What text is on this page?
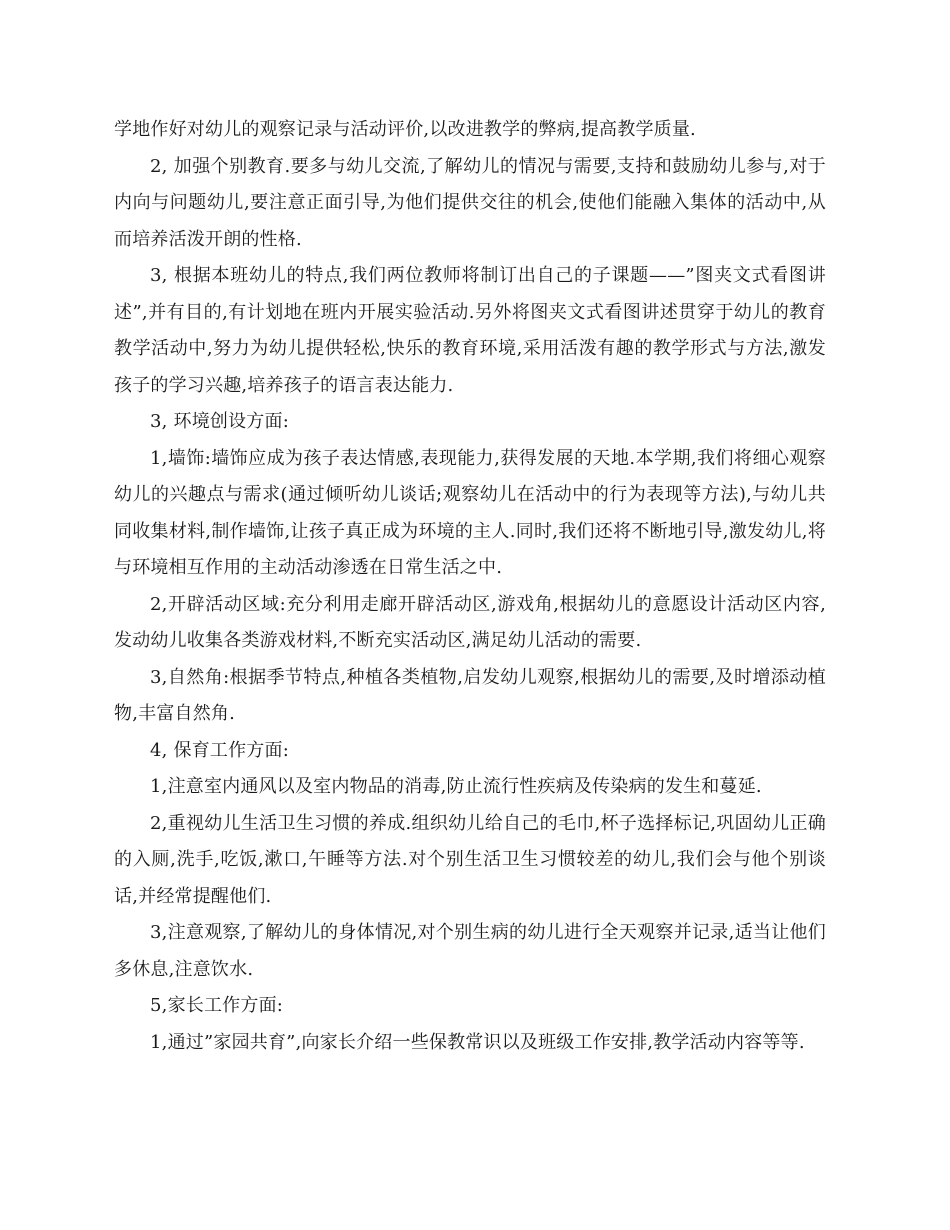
学地作好对幼儿的观察记录与活动评价,以改进教学的弊病,提高教学质量.

2, 加强个别教育.要多与幼儿交流,了解幼儿的情况与需要,支持和鼓励幼儿参与,对于内向与问题幼儿,要注意正面引导,为他们提供交往的机会,使他们能融入集体的活动中,从而培养活泼开朗的性格.

3, 根据本班幼儿的特点,我们两位教师将制订出自己的子课题——”图夹文式看图讲述”,并有目的,有计划地在班内开展实验活动.另外将图夹文式看图讲述贯穿于幼儿的教育教学活动中,努力为幼儿提供轻松,快乐的教育环境,采用活泼有趣的教学形式与方法,激发孩子的学习兴趣,培养孩子的语言表达能力.

3, 环境创设方面:

1,墙饰:墙饰应成为孩子表达情感,表现能力,获得发展的天地.本学期,我们将细心观察幼儿的兴趣点与需求(通过倾听幼儿谈话;观察幼儿在活动中的行为表现等方法),与幼儿共同收集材料,制作墙饰,让孩子真正成为环境的主人.同时,我们还将不断地引导,激发幼儿,将与环境相互作用的主动活动渗透在日常生活之中.

2,开辟活动区域:充分利用走廊开辟活动区,游戏角,根据幼儿的意愿设计活动区内容,发动幼儿收集各类游戏材料,不断充实活动区,满足幼儿活动的需要.

3,自然角:根据季节特点,种植各类植物,启发幼儿观察,根据幼儿的需要,及时增添动植物,丰富自然角.

4, 保育工作方面:

1,注意室内通风以及室内物品的消毒,防止流行性疾病及传染病的发生和蔓延.

2,重视幼儿生活卫生习惯的养成.组织幼儿给自己的毛巾,杯子选择标记,巩固幼儿正确的入厕,洗手,吃饭,漱口,午睡等方法.对个别生活卫生习惯较差的幼儿,我们会与他个别谈话,并经常提醒他们.

3,注意观察,了解幼儿的身体情况,对个别生病的幼儿进行全天观察并记录,适当让他们多休息,注意饮水.

5,家长工作方面:

1,通过”家园共育”,向家长介绍一些保教常识以及班级工作安排,教学活动内容等等.
